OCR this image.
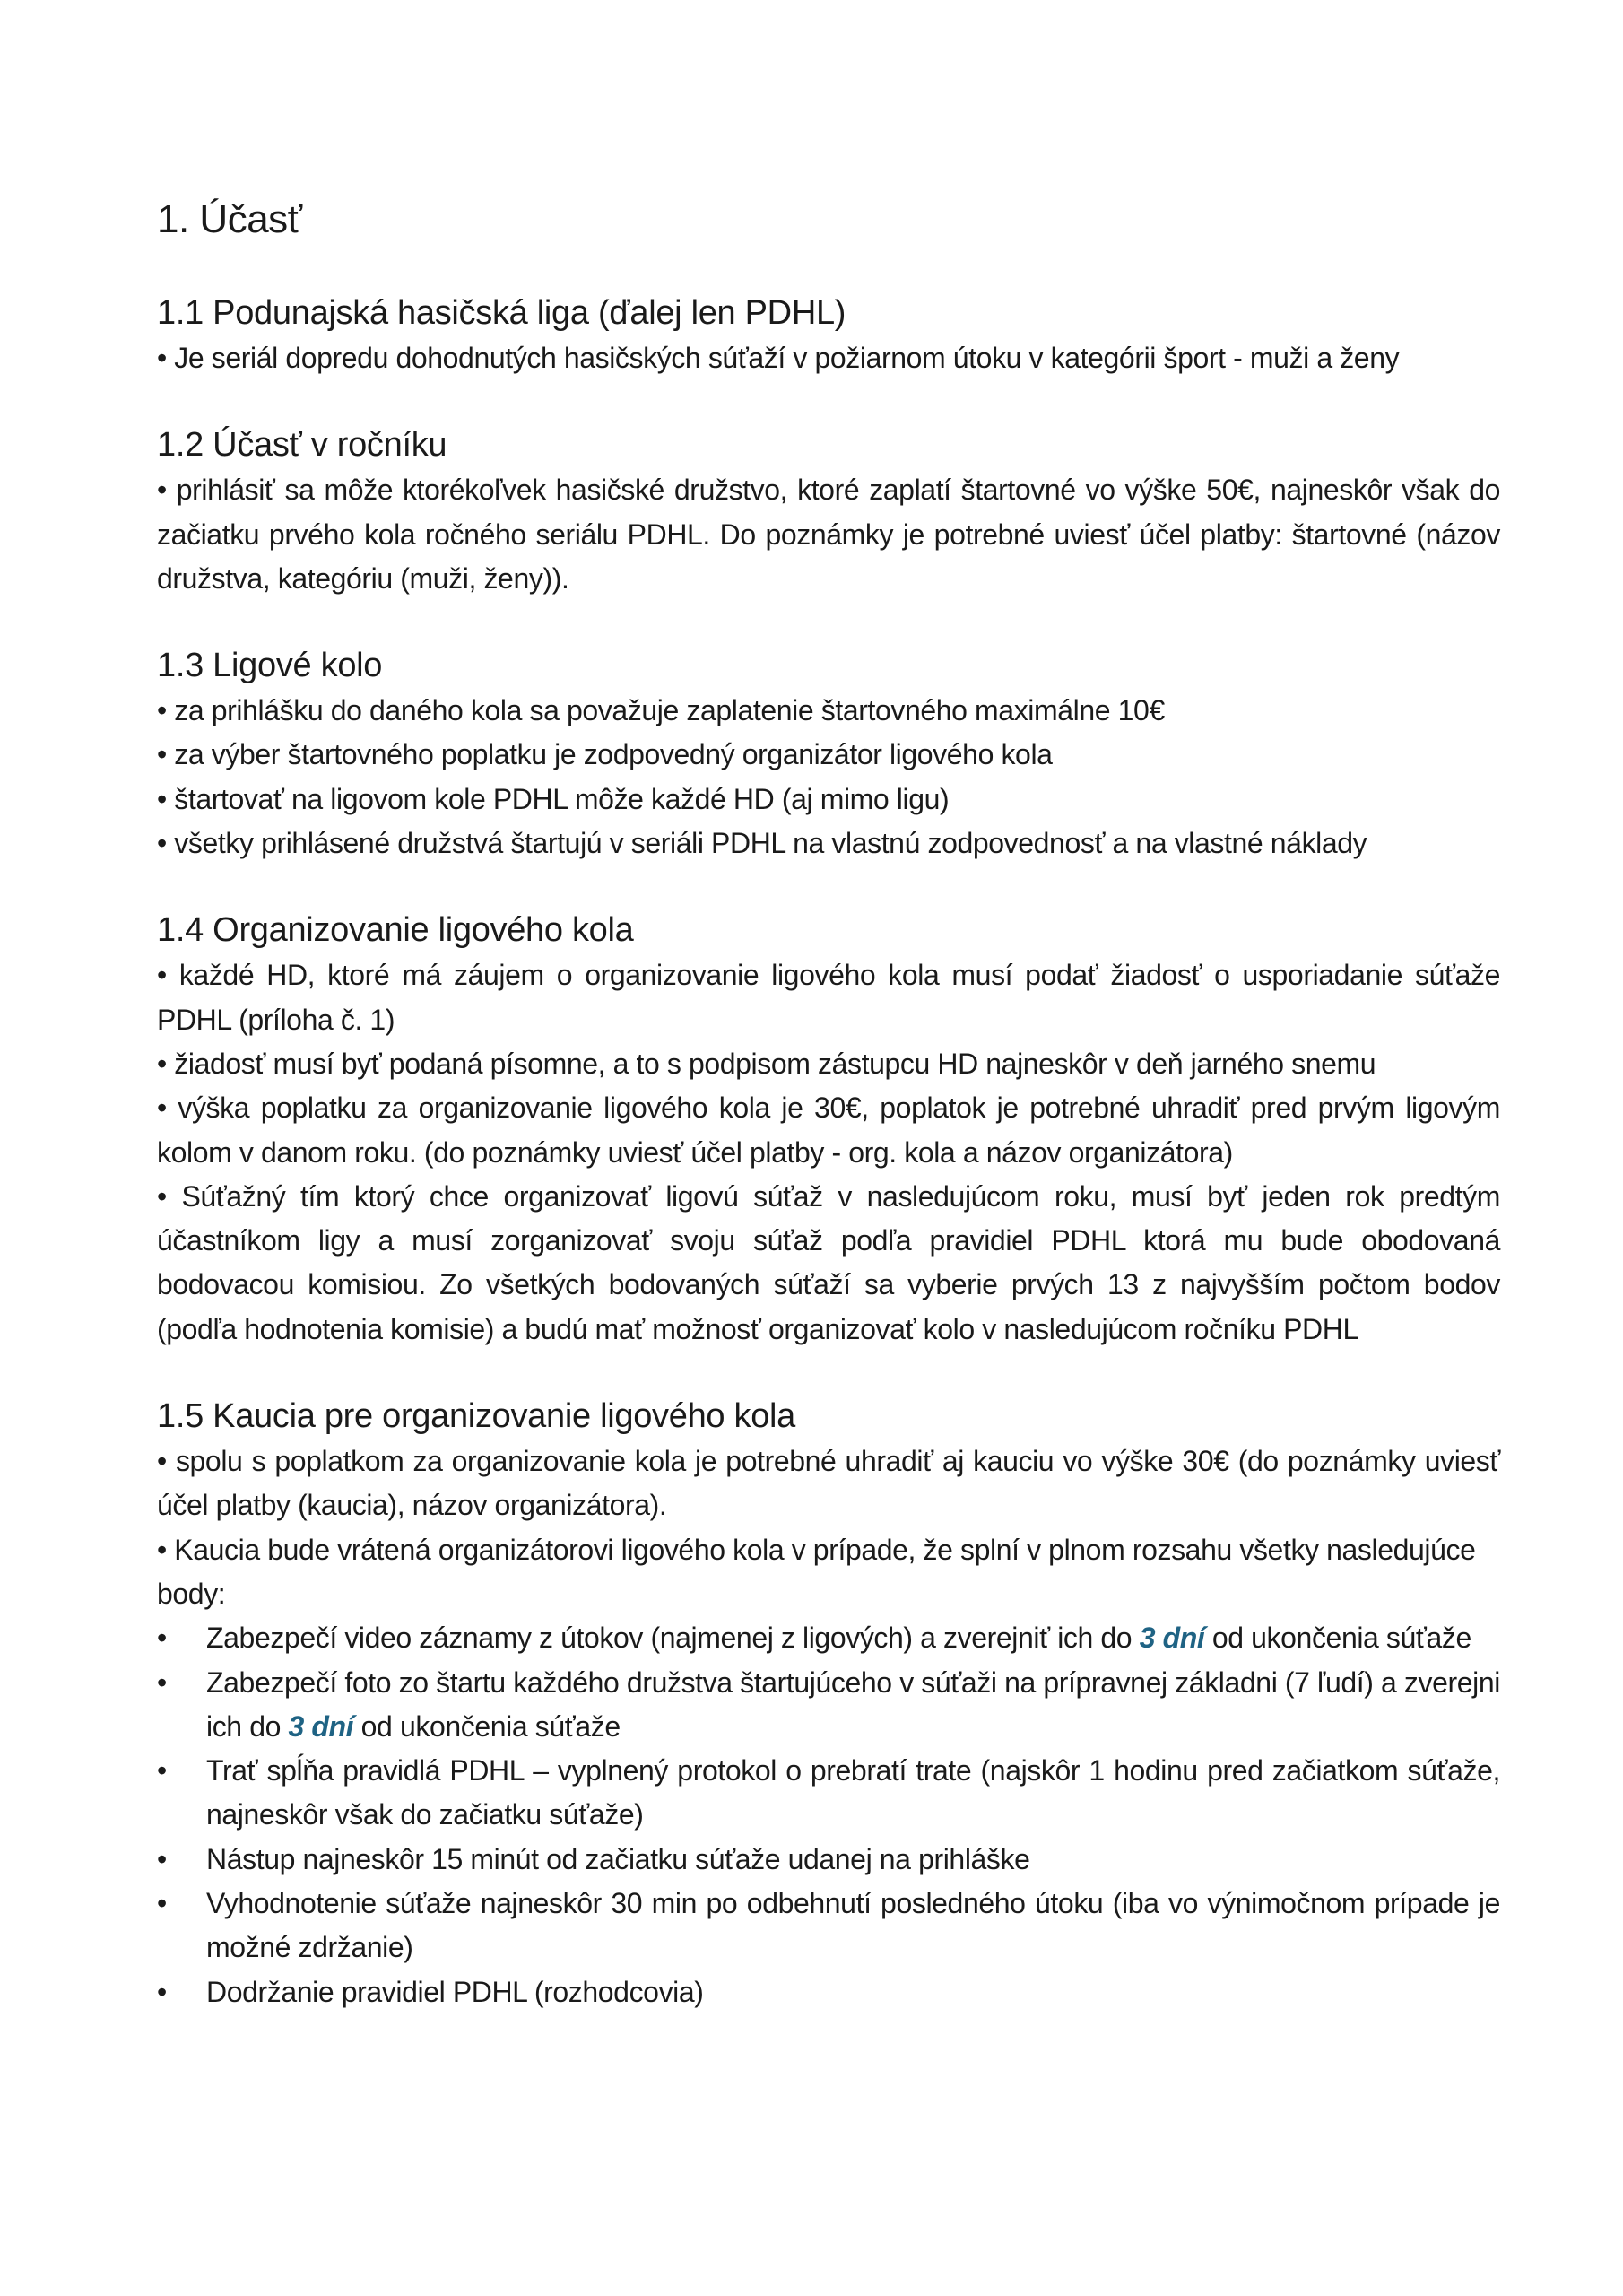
1. Účasť
1.1 Podunajská hasičská liga (ďalej len PDHL)

• Je seriál dopredu dohodnutých hasičských súťaží v požiarnom útoku v kategórii šport - muži a ženy

1.2 Účasť v ročníku

• prihlásiť sa môže ktorékoľvek hasičské družstvo, ktoré zaplatí štartovné vo výške 50€, najneskôr však do začiatku prvého kola ročného seriálu PDHL. Do poznámky je potrebné uviesť účel platby: štartovné (názov družstva, kategóriu (muži, ženy)).

1.3 Ligové kolo

• za prihlášku do daného kola sa považuje zaplatenie štartovného maximálne 10€

• za výber štartovného poplatku je zodpovedný organizátor ligového kola

• štartovať na ligovom kole PDHL môže každé HD (aj mimo ligu)

• všetky prihlásené družstvá štartujú v seriáli PDHL na vlastnú zodpovednosť a na vlastné náklady

1.4 Organizovanie ligového kola

• každé HD, ktoré má záujem o organizovanie ligového kola musí podať žiadosť o usporiadanie súťaže PDHL (príloha č. 1)

• žiadosť musí byť podaná písomne, a to s podpisom zástupcu HD najneskôr v deň jarného snemu

• výška poplatku za organizovanie ligového kola je 30€, poplatok je potrebné uhradiť pred prvým ligovým kolom v danom roku. (do poznámky uviesť účel platby - org. kola a názov organizátora)

• Súťažný tím ktorý chce organizovať ligovú súťaž v nasledujúcom roku, musí byť jeden rok predtým účastníkom ligy a musí zorganizovať svoju súťaž podľa pravidiel PDHL ktorá mu bude obodovaná bodovacou komisiou. Zo všetkých bodovaných súťaží sa vyberie prvých 13 z najvyšším počtom bodov (podľa hodnotenia komisie) a budú mať možnosť organizovať kolo v nasledujúcom ročníku PDHL

1.5 Kaucia pre organizovanie ligového kola

• spolu s poplatkom za organizovanie kola je potrebné uhradiť aj kauciu vo výške 30€ (do poznámky uviesť účel platby (kaucia), názov organizátora).

• Kaucia bude vrátená organizátorovi ligového kola v prípade, že splní v plnom rozsahu všetky nasledujúce body:

• Zabezpečí video záznamy z útokov (najmenej z ligových) a zverejniť ich do 3 dní od ukončenia súťaže
• Zabezpečí foto zo štartu každého družstva štartujúceho v súťaži na prípravnej základni (7 ľudí) a zverejni ich do 3 dní od ukončenia súťaže
• Trať spĺňa pravidlá PDHL – vyplnený protokol o prebratí trate (najskôr 1 hodinu pred začiatkom súťaže, najneskôr však do začiatku súťaže)
• Nástup najneskôr 15 minút od začiatku súťaže udanej na prihláške
• Vyhodnotenie súťaže najneskôr 30 min po odbehnutí posledného útoku (iba vo výnimočnom prípade je možné zdržanie)
• Dodržanie pravidiel PDHL (rozhodcovia)
